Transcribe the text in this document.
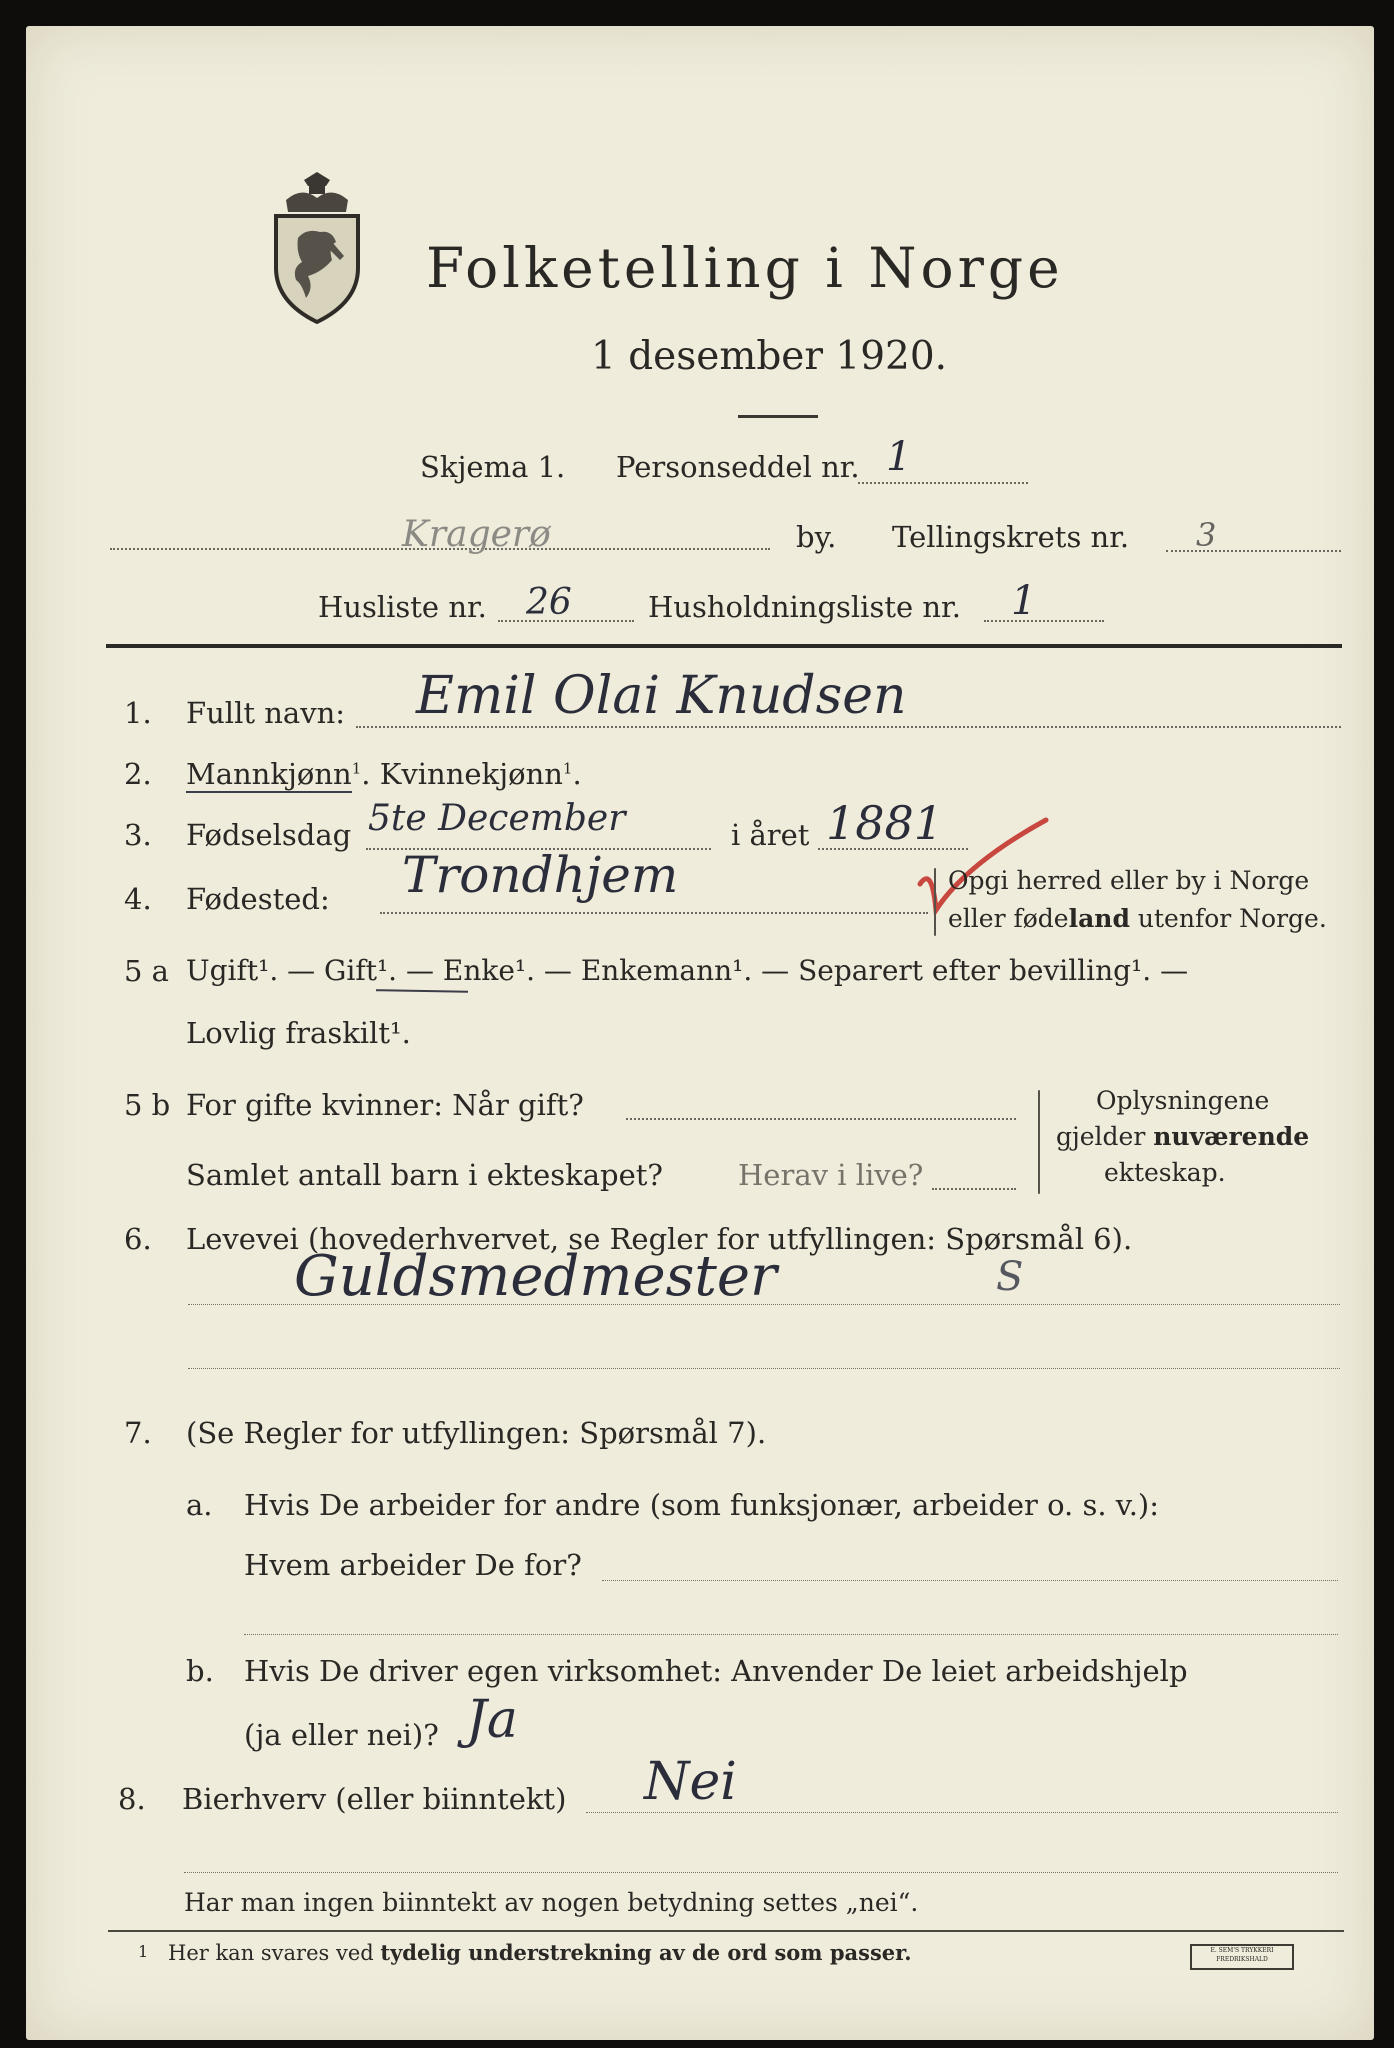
Folketelling i Norge
1 desember 1920.
Skjema 1. Personseddel nr. 1
Kragerø	by. Tellingskrets nr. 3
Husliste nr. 26	Husholdningsliste nr. 1
1. Fullt navn: Emil Olai Knudsen
2. Mannkjønn$^1$. Kvinnekjønn$^1$.
3. Fødselsdag 5te December	i året 1881
4. Fødested: Trondhjem	Opgi herred eller by i Norge
eller fødeland utenfor Norge.
5 a Ugift¹. — Gift¹. — Enke¹. — Enkemann¹. — Separert efter bevilling¹. —
Lovlig fraskilt¹.
5 b For gifte kvinner: Når gift?
Samlet antall barn i ekteskapet?	Herav i live?
Oplysningene
gjelder nuværende
ekteskap.
6. Levevei (hovederhvervet, se Regler for utfyllingen: Spørsmål 6).
Guldsmedmester	S
7. (Se Regler for utfyllingen: Spørsmål 7).
a. Hvis De arbeider for andre (som funksjonær, arbeider o. s. v.):
Hvem arbeider De for?
b. Hvis De driver egen virksomhet: Anvender De leiet arbeidshjelp
(ja eller nei)? Ja
8. Bierhverv (eller biinntekt) Nei
Har man ingen biinntekt av nogen betydning settes „nei“.
1 Her kan svares ved tydelig understrekning av de ord som passer.	E. SEM'S TRYKKERI FREDRIKSHALD
